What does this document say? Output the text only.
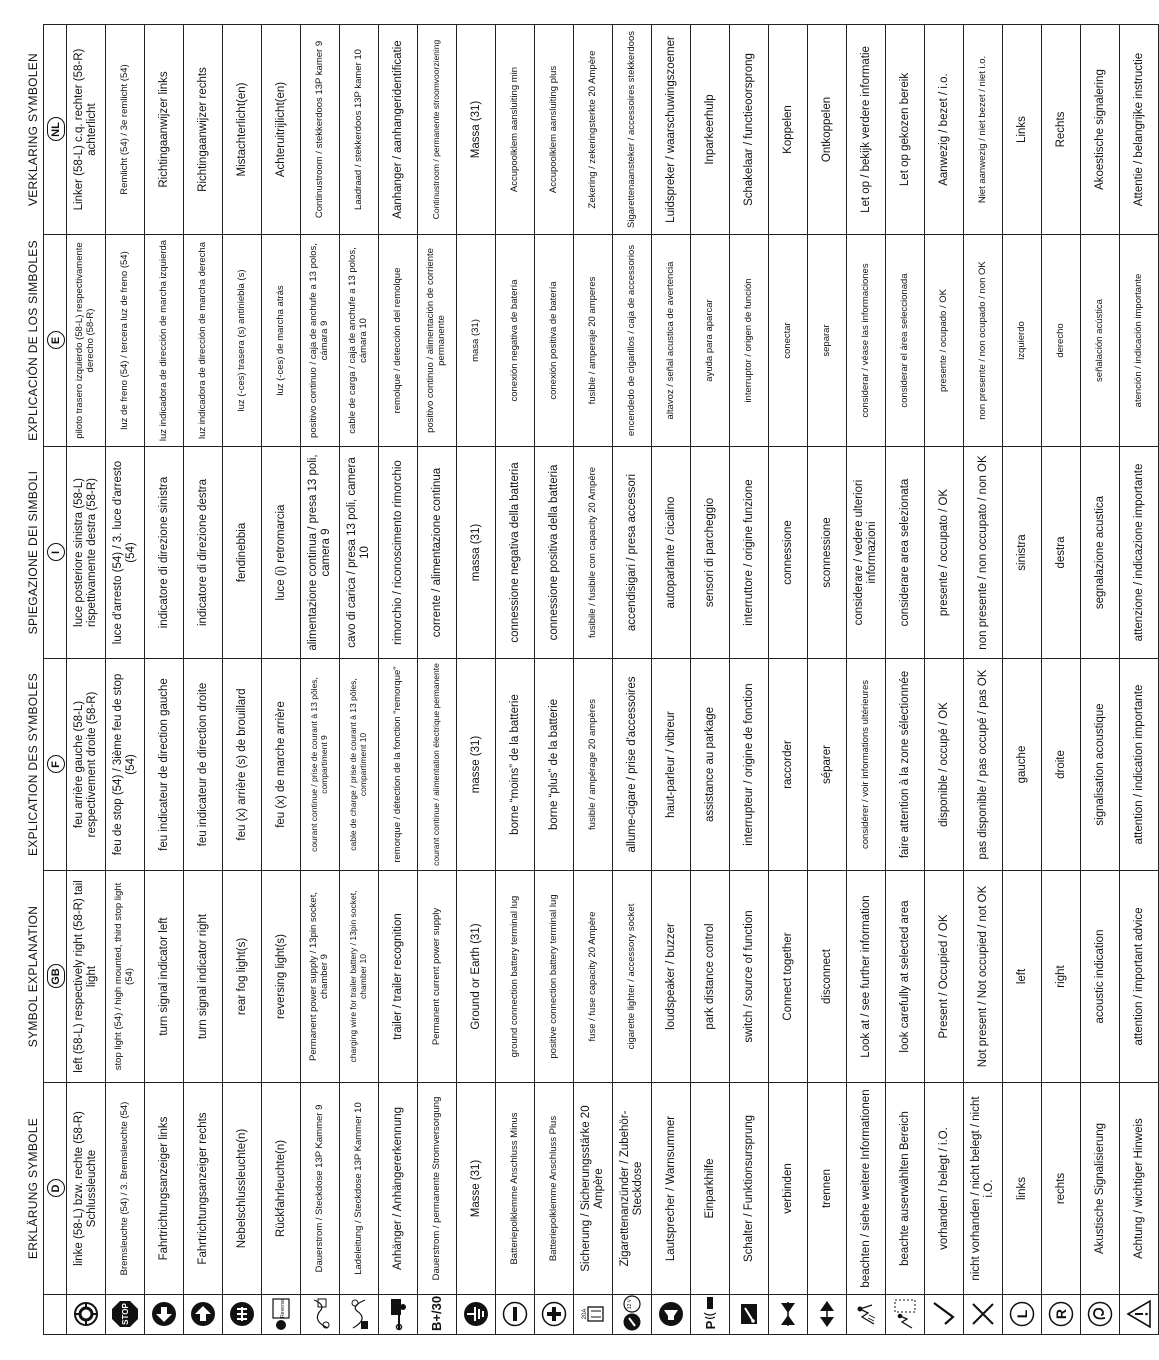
	ERKLÄRUNG SYMBOLE	SYMBOL EXPLANATION	EXPLICATION DES SYMBOLES	SPIEGAZIONE DEI SIMBOLI	EXPLICACIÓN DE LOS SIMBOLES	VERKLARING SYMBOLEN
	D	GB	F	I	E	NL
	linke (58-L) bzw. rechte (58-R) Schlussleuchte	left (58-L) respectively right (58-R) tail light	feu arrière gauche (58-L) respectivement droite (58-R)	luce posteriore sinistra (58-L) rispettivamente destra (58-R)	piloto trasero izquierdo (58-L) respectivamente derecho (58-R)	Linker (58-L) c.q. rechter (58-R) achterlicht

STOP	Bremsleuchte (54) / 3. Bremsleuchte (54)	stop light (54) / high mounted, third stop light (54)	feu de stop (54) / 3ième feu de stop (54)	luce d'arresto (54) / 3. luce d'arresto (54)	luz de freno (54) / tercera luz de freno (54)	Remlicht (54) / 3e remlicht (54)
	Fahrtrichtungsanzeiger links	turn signal indicator left	feu indicateur de direction gauche	indicatore di direzione sinistra	luz indicadora de dirección de marcha izquierda	Richtingaanwijzer links
	Fahrtrichtungsanzeiger rechts	turn signal indicator right	feu indicateur de direction droite	indicatore di direzione destra	luz indicadora de dirección de marcha derecha	Richtingaanwijzer rechts
	Nebelschlussleuchte(n)	rear fog light(s)	feu (x) arrière (s) de brouillard	fendinebbia	luz (-ces) trasera (s) antiniebla (s)	Mistachterlicht(en)

Reverse	Rückfahrleuchte(n)	reversing light(s)	feu (x) de marche arrière	luce (i) retromarcia	luz (-ces) de marcha atrás	Achteruitrijlicht(en)
	Dauerstrom / Steckdose 13P Kammer 9	Permanent power supply / 13pin socket, chamber 9	courant continue / prise de courant à 13 pôles, compartiment 9	alimentazione continua / presa 13 poli, camera 9	positivo continuo / caja de anchufe a 13 polos, cámara 9	Continustroom / stekkerdoos 13P kamer 9
	Ladeleitung / Steckdose 13P Kammer 10	charging wire for trailer battery / 13pin socket, chamber 10	cable de charge / prise de courant à 13 pôles, compartiment 10	cavo di carica / presa 13 poli, camera 10	cable de carga / caja de anchufe a 13 polos, cámara 10	Laadraad / stekkerdoos 13P kamer 10
	Anhänger / Anhängererkennung	trailer / trailer recognition	remorque / détection de la fonction "remorque"	rimorchio / riconoscimento rimorchio	remolque / detección del remolque	Aanhanger / aanhangeridentificatie
B+/30	Dauerstrom / permanente Stromversorgung	Permanent current power supply	courant continue / alimentation électrique permanente	corrente / alimentazione continua	positivo continuo / alimentación de corriente permanente	Continustroom / permanente stroomvoorziening
	Masse (31)	Ground or Earth (31)	masse (31)	massa (31)	masa (31)	Massa (31)
	Batteriepolklemme Anschluss Minus	ground connection battery terminal lug	borne “moins” de la batterie	connessione negativa della batteria	conexión negativa de batería	Accupoolklem aansluiting min
	Batteriepolklemme Anschluss Plus	positive connection battery terminal lug	borne “plus” de la batterie	connessione positiva della batteria	conexión positiva de batería	Accupoolklem aansluiting plus

20A	Sicherung / Sicherungsstärke 20 Ampère	fuse / fuse capacity 20 Ampère	fusible / ampérage 20 ampères	fusibile / fusibile con capacity 20 Ampère	fusible / amperaje 20 amperes	Zekering / zekeringsterkte 20 Ampère

12 V	Zigarettenanzünder / Zubehör-Steckdose	cigarette lighter / accessory socket	allume-cigare / prise d'accessoires	accendisigari / presa accessori	encendedo de cigarillos / caja de accessorios	Sigarettenaansteker / accessoires stekkerdoos
	Lautsprecher / Warnsummer	loudspeaker / buzzer	haut-parleur / vibreur	autoparlante / cicalino	altavoz / señal acustica de avertencia	Luidspreker / waarschuwingszoemer

P	Einparkhilfe	park distance control	assistance au parkage	sensori di parcheggio	ayuda para aparcar	Inparkeerhulp
	Schalter / Funktionsursprung	switch / source of function	interrupteur / origine de fonction	interruttore / origine funzione	interruptor / origen de función	Schakelaar / functieoorsprong
	verbinden	Connect together	raccorder	connessione	conectar	Koppelen
	trennen	disconnect	séparer	sconnessione	separar	Ontkoppelen
	beachten / siehe weitere Informationen	Look at / see further information	considérer / voir informations ultérieures	considerare / vedere ulteriori informazioni	considerar / véase las informaciones	Let op / bekijk verdere informatie
	beachte auserwählten Bereich	look carefully at selected area	faire attention à la zone sélectionnée	considerare area selezionata	considerar el área seleccionada	Let op gekozen bereik
	vorhanden / belegt / i.O.	Present / Occupied / OK	disponible / occupé / OK	presente / occupato / OK	presente / ocupado / OK	Aanwezig / bezet / i.o.
	nicht vorhanden / nicht belegt / nicht i.O.	Not present / Not occupied / not OK	pas disponible / pas occupé / pas OK	non presente / non occupato / non OK	non presente / non ocupado / non OK	Niet aanwezig / niet bezet / niet i.o.

L	links	left	gauche	sinistra	izquierdo	Links

R	rechts	right	droite	destra	derecho	Rechts
	Akustische Signalisierung	acoustic indication	signalisation acoustique	segnalazione acustica	señalación acústica	Akoestische signalering
	Achtung / wichtiger Hinweis	attention / important advice	attention / indication importante	attenzione / indicazione importante	atención / indicación importante	Attentie / belangrijke instructie
